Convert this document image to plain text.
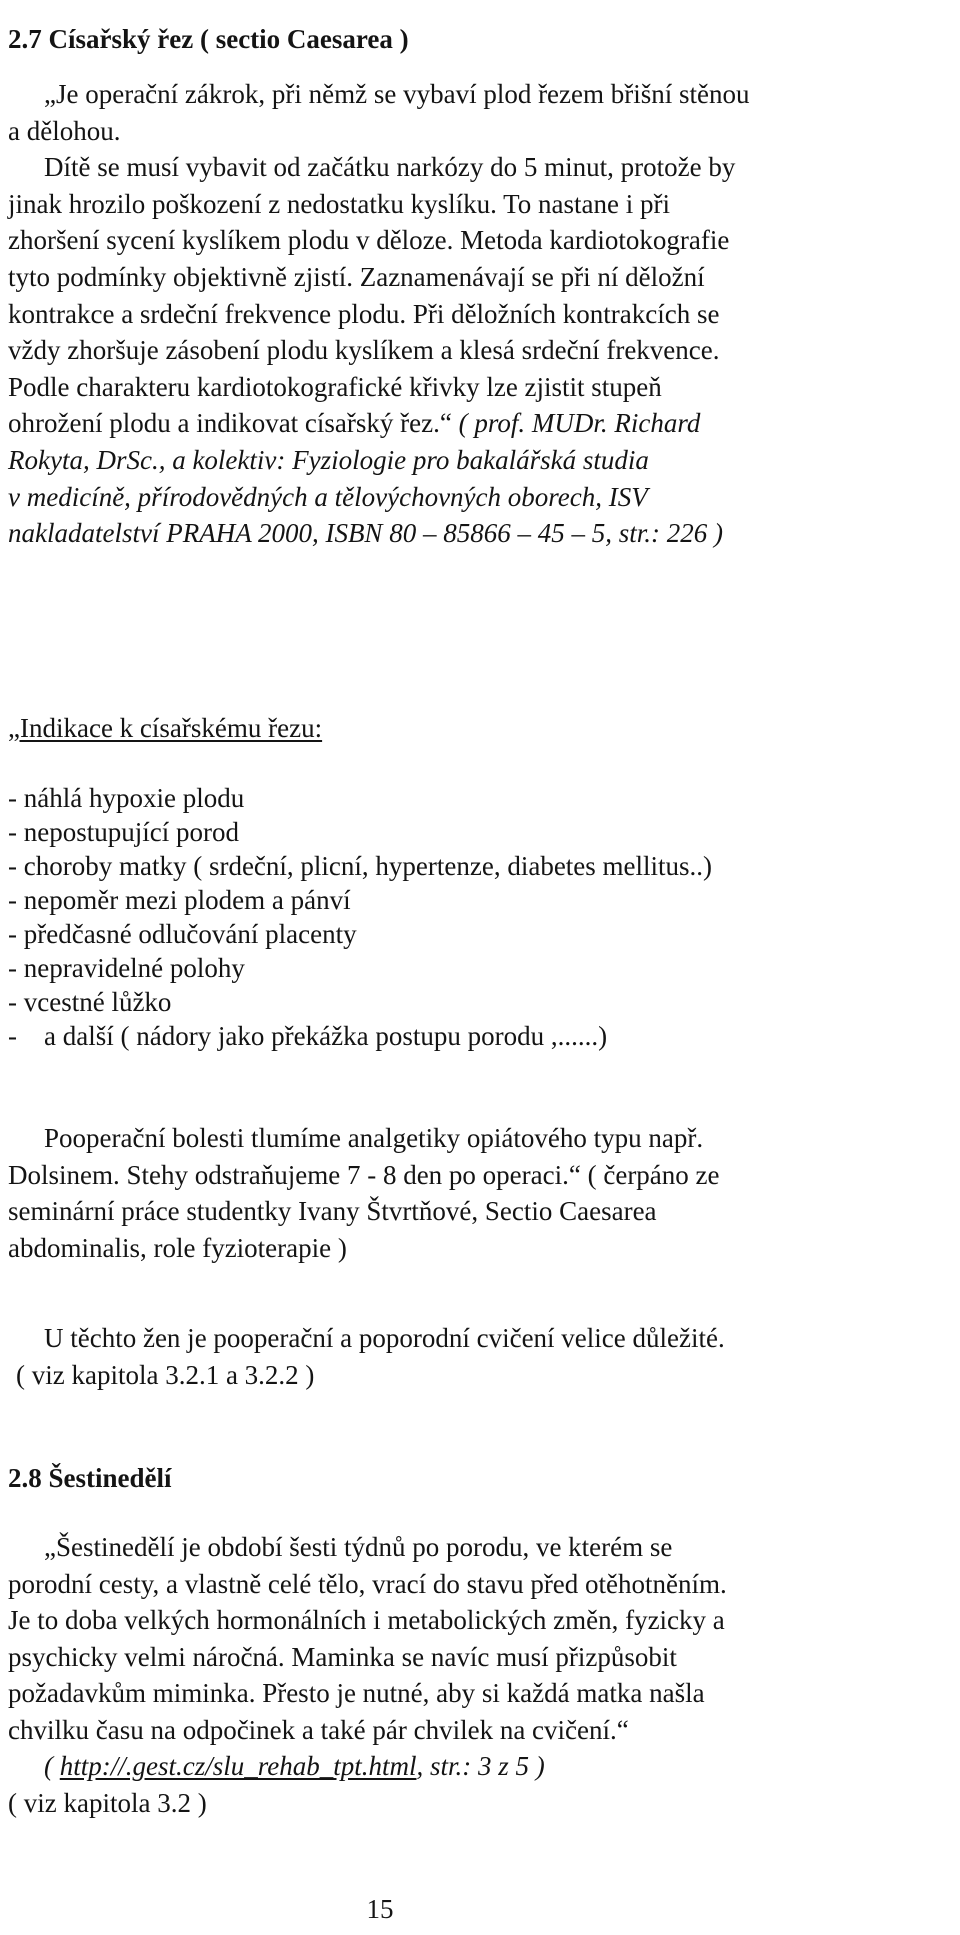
2.7 Císařský řez ( sectio Caesarea )
„Je operační zákrok, při němž se vybaví plod řezem břišní stěnou
a dělohou.
Dítě se musí vybavit od začátku narkózy do 5 minut, protože by
jinak hrozilo poškození z nedostatku kyslíku. To nastane i při
zhoršení sycení kyslíkem plodu v děloze. Metoda kardiotokografie
tyto podmínky objektivně zjistí. Zaznamenávají se při ní děložní
kontrakce a srdeční frekvence plodu. Při děložních kontrakcích se
vždy zhoršuje zásobení plodu kyslíkem a klesá srdeční frekvence.
Podle charakteru kardiotokografické křivky lze zjistit stupeň
ohrožení plodu a indikovat císařský řez.“ ( prof. MUDr. Richard
Rokyta, DrSc., a kolektiv: Fyziologie pro bakalářská studia
v medicíně, přírodovědných a tělovýchovných oborech, ISV
nakladatelství PRAHA 2000, ISBN 80 – 85866 – 45 – 5, str.: 226 )

„Indikace k císařskému řezu:

- náhlá hypoxie plodu
- nepostupující porod
- choroby matky ( srdeční, plicní, hypertenze, diabetes mellitus..)
- nepoměr mezi plodem a pánví
- předčasné odlučování placenty
- nepravidelné polohy
- vcestné lůžko
-    a další ( nádory jako překážka postupu porodu ,......)
Pooperační bolesti tlumíme analgetiky opiátového typu např.
Dolsinem. Stehy odstraňujeme 7 - 8 den po operaci.“ ( čerpáno ze
seminární práce studentky Ivany Štvrtňové, Sectio Caesarea
abdominalis, role fyzioterapie )
U těchto žen je pooperační a poporodní cvičení velice důležité.
( viz kapitola 3.2.1 a 3.2.2 )
2.8 Šestinedělí
„Šestinedělí je období šesti týdnů po porodu, ve kterém se
porodní cesty, a vlastně celé tělo, vrací do stavu před otěhotněním.
Je to doba velkých hormonálních i metabolických změn, fyzicky a
psychicky velmi náročná. Maminka se navíc musí přizpůsobit
požadavkům miminka. Přesto je nutné, aby si každá matka našla
chvilku času na odpočinek a také pár chvilek na cvičení.“
( http://.gest.cz/slu_rehab_tpt.html, str.: 3 z 5 )
( viz kapitola 3.2 )

15
